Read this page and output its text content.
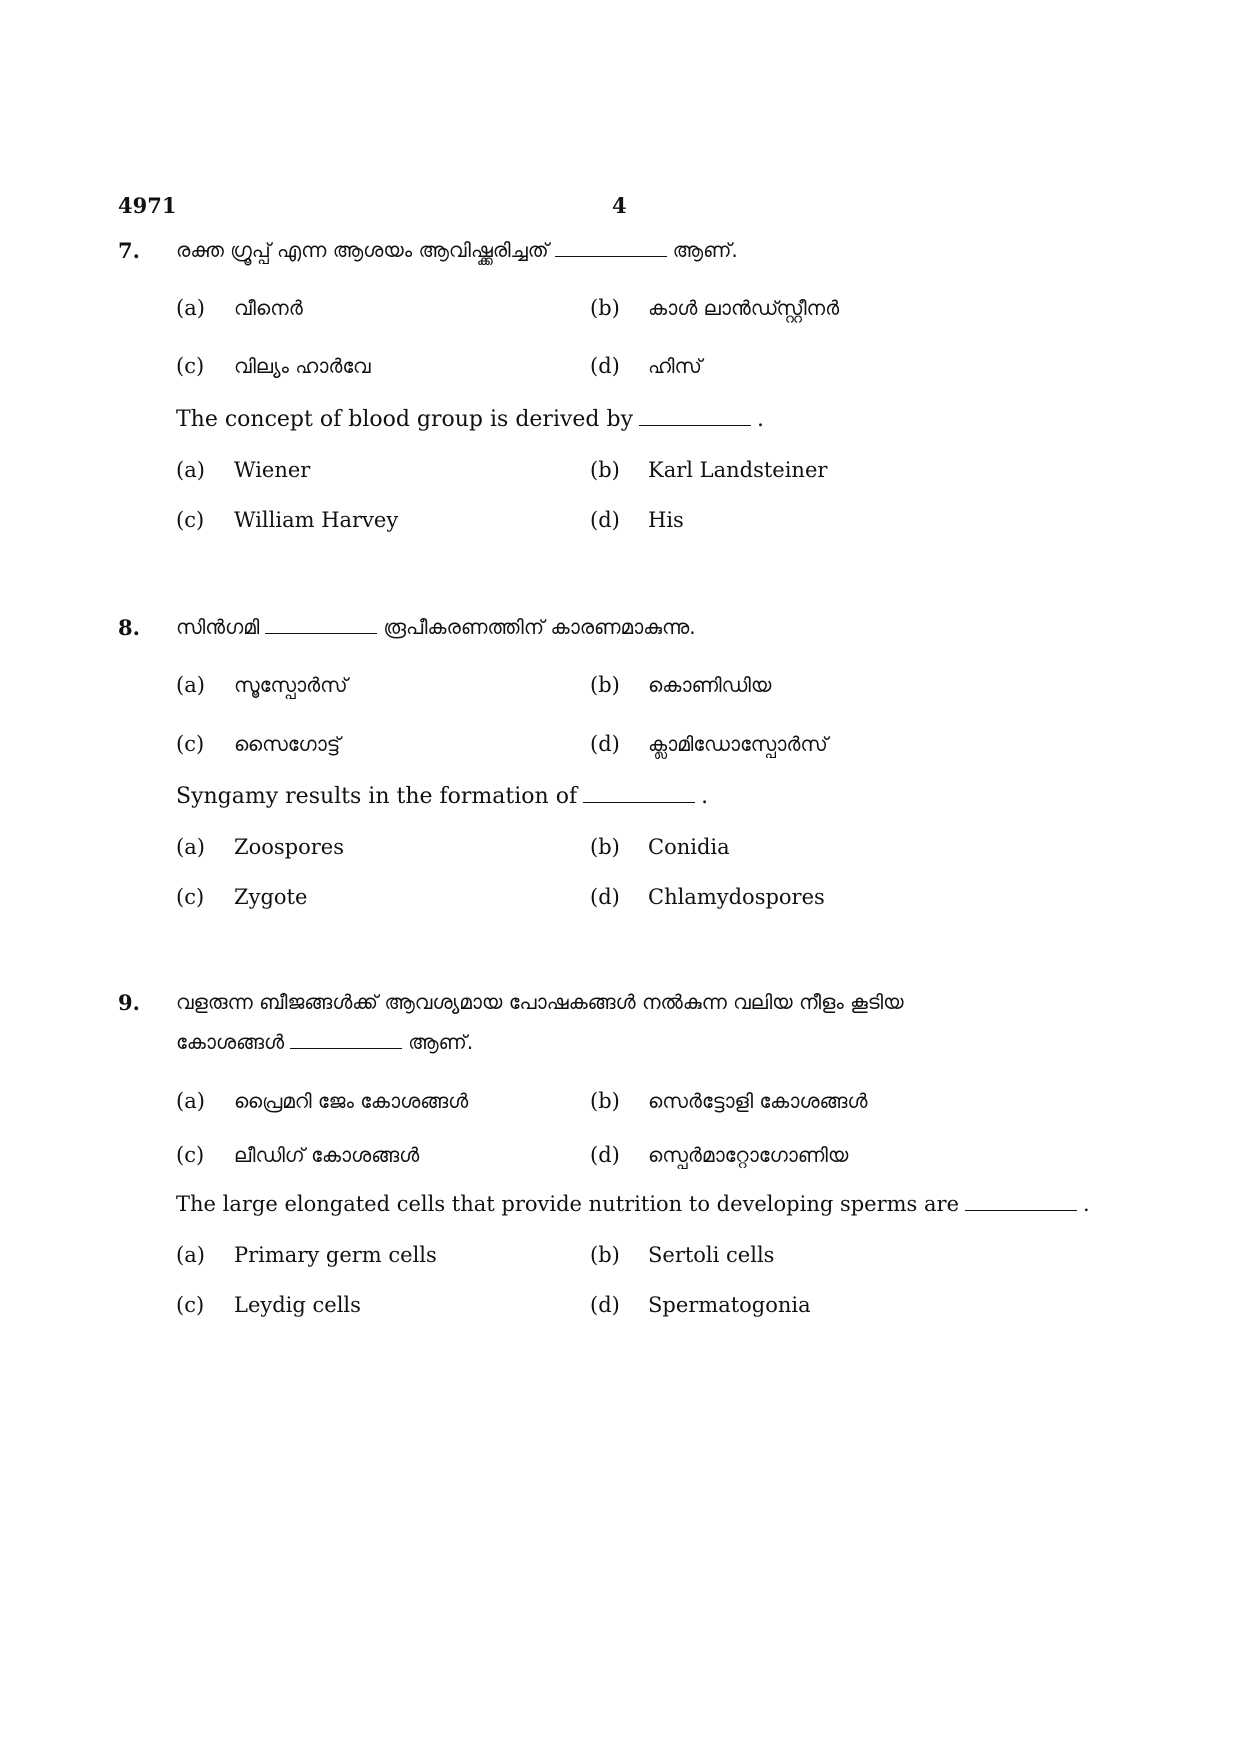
4971	4
7. രക്ത ഗ്രൂപ്പ് എന്ന ആശയം ആവിഷ്ക്കരിച്ചത്	ആണ്.
(a) വീനെർ	(b) കാൾ ലാൻഡ്സ്റ്റീനർ
(c) വില്യം ഹാർവേ	(d) ഹിസ്
The concept of blood group is derived by	.
(a) Wiener	(b) Karl Landsteiner
(c) William Harvey	(d) His
8. സിൻഗമി	രൂപീകരണത്തിന് കാരണമാകുന്നു.
(a) സൂസ്പോർസ്	(b) കൊണിഡിയ
(c) സൈഗോട്ട്	(d) ക്ലാമിഡോസ്പോർസ്
Syngamy results in the formation of	.
(a) Zoospores	(b) Conidia
(c) Zygote	(d) Chlamydospores
9. വളരുന്ന ബീജങ്ങൾക്ക് ആവശ്യമായ പോഷകങ്ങൾ നൽകുന്ന വലിയ നീളം കൂടിയ
കോശങ്ങൾ	ആണ്.
(a) പ്രൈമറി ജേം കോശങ്ങൾ	(b) സെർട്ടോളി കോശങ്ങൾ
(c) ലീഡിഗ് കോശങ്ങൾ	(d) സ്പെർമാറ്റോഗോണിയ
The large elongated cells that provide nutrition to developing sperms are	.
(a) Primary germ cells	(b) Sertoli cells
(c) Leydig cells	(d) Spermatogonia
